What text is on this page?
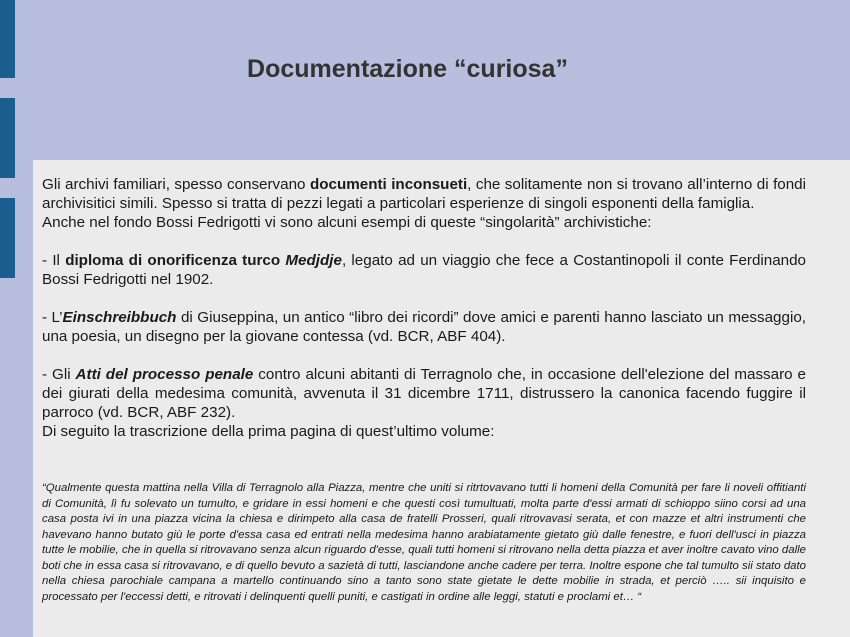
Documentazione “curiosa”

Gli archivi familiari, spesso conservano documenti inconsueti, che solitamente non si trovano all’interno di fondi archivisitici simili. Spesso si tratta di pezzi legati a particolari esperienze di singoli esponenti della famiglia.

Anche nel fondo Bossi Fedrigotti vi sono alcuni esempi di queste “singolarità” archivistiche:

- Il diploma di onorificenza turco Medjdje, legato ad un viaggio che fece a Costantinopoli il conte Ferdinando Bossi Fedrigotti nel 1902.

- L’Einschreibbuch di Giuseppina, un antico “libro dei ricordi” dove amici e parenti hanno lasciato un messaggio, una poesia, un disegno per la giovane contessa (vd. BCR, ABF 404).

- Gli Atti del processo penale contro alcuni abitanti di Terragnolo che, in occasione dell'elezione del massaro e dei giurati della medesima comunità, avvenuta il 31 dicembre 1711, distrussero la canonica facendo fuggire il parroco (vd. BCR, ABF 232).

Di seguito la trascrizione della prima pagina di quest’ultimo volume:

“Qualmente questa mattina nella Villa di Terragnolo alla Piazza, mentre che uniti si ritrtovavano tutti li homeni della Comunità per fare li noveli offitianti di Comunità, lì fu solevato un tumulto, e gridare in essi homeni e che questi così tumultuati, molta parte d'essi armati di schioppo siino corsi ad una casa posta ivi in una piazza vicina la chiesa e dirimpeto alla casa de fratelli Prosseri, quali ritrovavasi serata, et con mazze et altri instrumenti che havevano hanno butato giù le porte d'essa casa ed entrati nella medesima hanno arabiatamente gietato giù dalle fenestre, e fuori dell'usci in piazza tutte le mobilie, che in quella si ritrovavano senza alcun riguardo d'esse, quali tutti homeni si ritrovano nella detta piazza et aver inoltre cavato vino dalle boti che in essa casa si ritrovavano, e di quello bevuto a sazietà di tutti, lasciandone anche cadere per terra. Inoltre espone che tal tumulto sii stato dato nella chiesa parochiale campana a martello continuando sino a tanto sono state gietate le dette mobilie in strada, et perciò ….. sii inquisito e processato per l'eccessi detti, e ritrovati i delinquenti quelli puniti, e castigati in ordine alle leggi, statuti e proclami et… “
